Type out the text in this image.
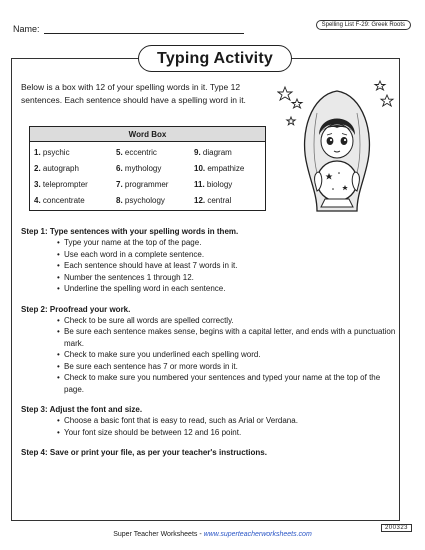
Name:	Spelling List F-29: Greek Roots
Typing Activity
Below is a box with 12 of your spelling words in it. Type 12 sentences. Each sentence should have a spelling word in it.
Word Box
1. psychic	5. eccentric	9. diagram
2. autograph	6. mythology	10. empathize
3. teleprompter	7. programmer	11. biology
4. concentrate	8. psychology	12. central
Step 1: Type sentences with your spelling words in them.
• Type your name at the top of the page.
• Use each word in a complete sentence.
• Each sentence should have at least 7 words in it.
• Number the sentences 1 through 12.
• Underline the spelling word in each sentence.
Step 2: Proofread your work.
• Check to be sure all words are spelled correctly.
• Be sure each sentence makes sense, begins with a capital letter, and ends with a punctuation mark.
• Check to make sure you underlined each spelling word.
• Be sure each sentence has 7 or more words in it.
• Check to make sure you numbered your sentences and typed your name at the top of the page.
Step 3: Adjust the font and size.
• Choose a basic font that is easy to read, such as Arial or Verdana.
• Your font size should be between 12 and 16 point.
Step 4: Save or print your file, as per your teacher's instructions.
Super Teacher Worksheets - www.superteacherworksheets.com
200323
